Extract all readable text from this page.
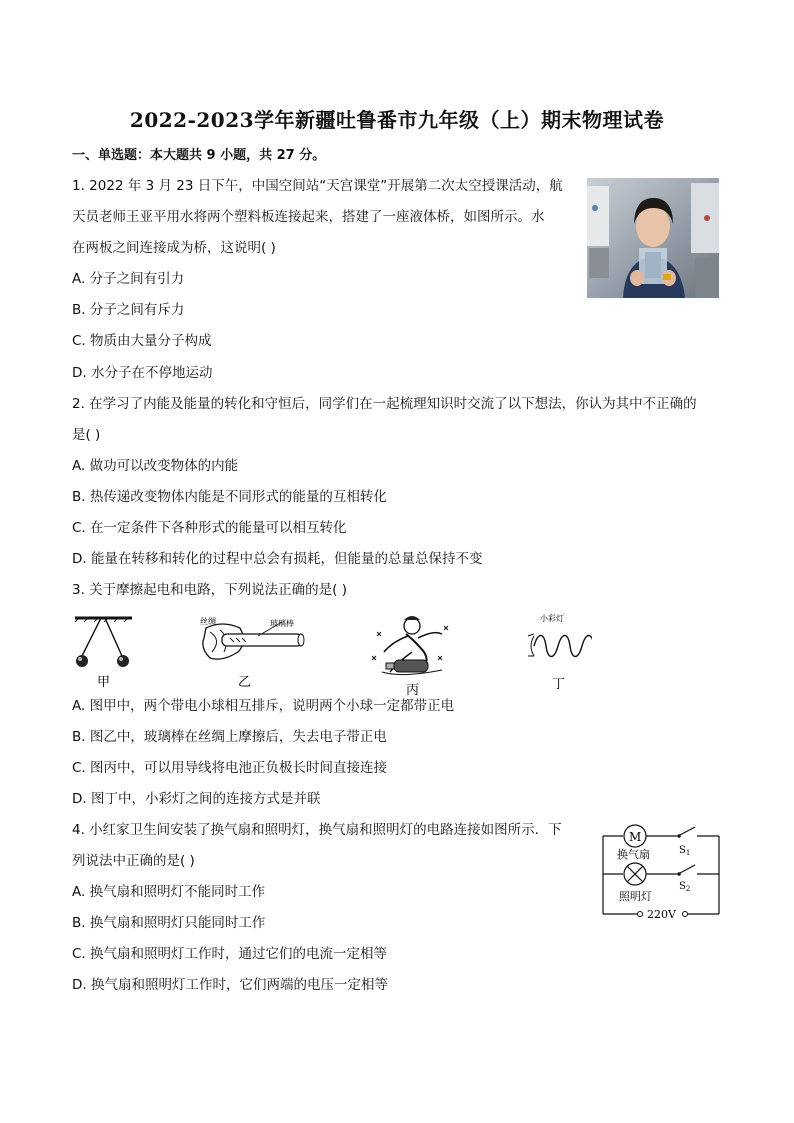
2022-2023学年新疆吐鲁番市九年级（上）期末物理试卷
一、单选题：本大题共 9 小题，共 27 分。
1. 2022 年 3 月 23 日下午，中国空间站“天宫课堂”开展第二次太空授课活动，航
天员老师王亚平用水将两个塑料板连接起来，搭建了一座液体桥，如图所示。水
在两板之间连接成为桥，这说明( )
A. 分子之间有引力
B. 分子之间有斥力
C. 物质由大量分子构成
D. 水分子在不停地运动
2. 在学习了内能及能量的转化和守恒后，同学们在一起梳理知识时交流了以下想法，你认为其中不正确的
是( )
A. 做功可以改变物体的内能
B. 热传递改变物体内能是不同形式的能量的互相转化
C. 在一定条件下各种形式的能量可以相互转化
D. 能量在转移和转化的过程中总会有损耗，但能量的总量总保持不变
3. 关于摩擦起电和电路，下列说法正确的是( )
甲
丝绸	玻璃棒
乙
丙
小彩灯
丁
A. 图甲中，两个带电小球相互排斥，说明两个小球一定都带正电
B. 图乙中，玻璃棒在丝绸上摩擦后，失去电子带正电
C. 图丙中，可以用导线将电池正负极长时间直接连接
D. 图丁中，小彩灯之间的连接方式是并联
4. 小红家卫生间安装了换气扇和照明灯，换气扇和照明灯的电路连接如图所示．下
列说法中正确的是( )
A. 换气扇和照明灯不能同时工作
B. 换气扇和照明灯只能同时工作
C. 换气扇和照明灯工作时，通过它们的电流一定相等
D. 换气扇和照明灯工作时，它们两端的电压一定相等
M
$S_1$
换气扇
$S_2$
照明灯
220V
